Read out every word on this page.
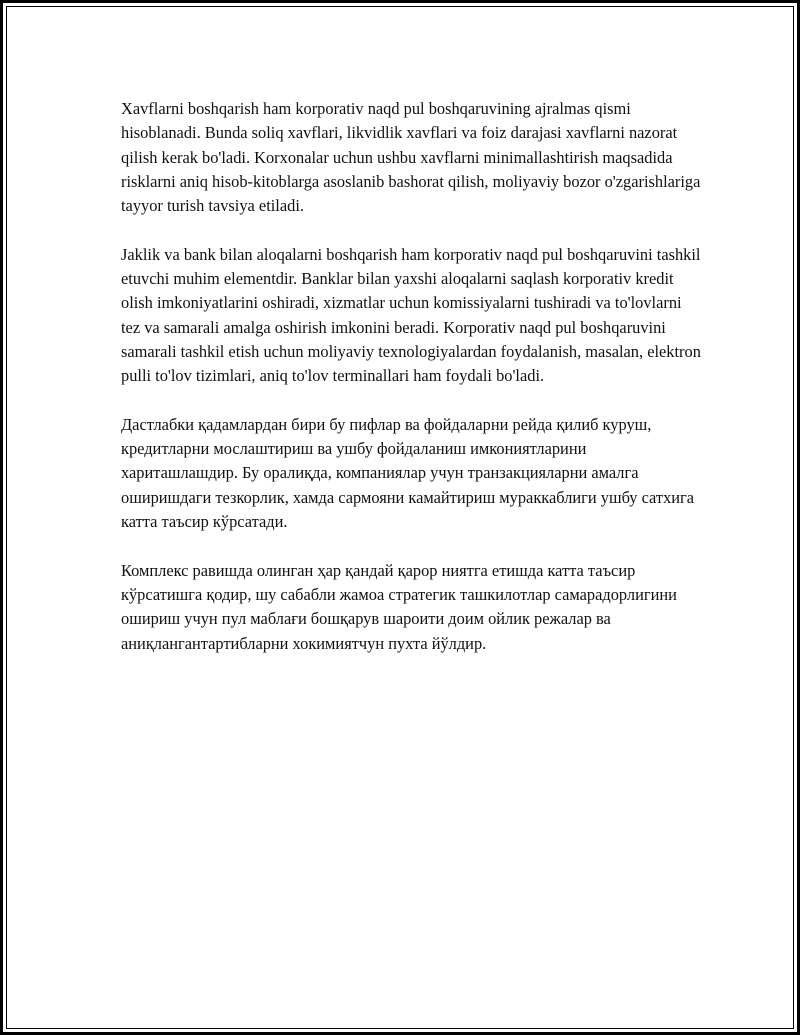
Xavflarni boshqarish ham korporativ naqd pul boshqaruvining ajralmas qismi hisoblanadi. Bunda soliq xavflari, likvidlik xavflari va foiz darajasi xavflarni nazorat qilish kerak bo'ladi. Korxonalar uchun ushbu xavflarni minimallashtirish maqsadida risklarni aniq hisob-kitoblarga asoslanib bashorat qilish, moliyaviy bozor o'zgarishlariga tayyor turish tavsiya etiladi.

Jaklik va bank bilan aloqalarni boshqarish ham korporativ naqd pul boshqaruvini tashkil etuvchi muhim elementdir. Banklar bilan yaxshi aloqalarni saqlash korporativ kredit olish imkoniyatlarini oshiradi, xizmatlar uchun komissiyalarni tushiradi va to'lovlarni tez va samarali amalga oshirish imkonini beradi. Korporativ naqd pul boshqaruvini samarali tashkil etish uchun moliyaviy texnologiyalardan foydalanish, masalan, elektron pulli to'lov tizimlari, aniq to'lov terminallari ham foydali bo'ladi.

Дастлабки қадамлардан бири бу пифлар ва фойдаларни рейда қилиб куруш, кредитларни мослаштириш ва ушбу фойдаланиш имкониятларини хариташлашдир. Бу оралиқда, компаниялар учун транзакцияларни амалга оширишдаги тезкорлик, хамда сармояни камайтириш мураккаблиги ушбу сатхига катта таъсир кўрсатади.

Комплекс равишда олинган ҳар қандай қарор ниятга етишда катта таъсир кўрсатишга қодир, шу сабабли жамоа стратегик ташкилотлар самарадорлигини ошириш учун пул маблағи бошқарув шароити доим ойлик режалар ва аниқлангантартибларни хокимиятчун пухта йўлдир.
